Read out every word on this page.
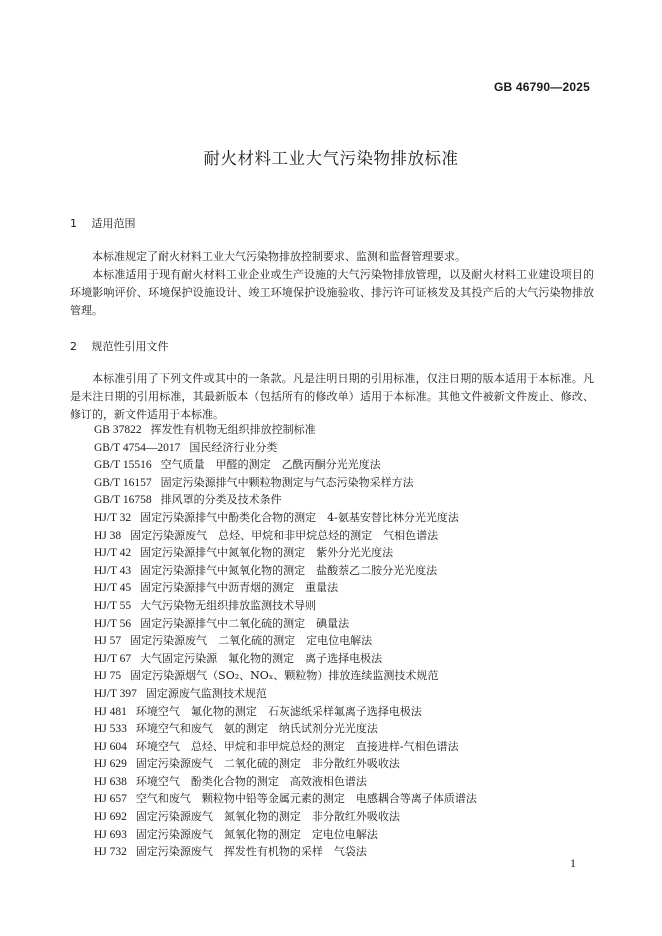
GB 46790—2025
耐火材料工业大气污染物排放标准
1 适用范围

本标准规定了耐火材料工业大气污染物排放控制要求、监测和监督管理要求。

本标准适用于现有耐火材料工业企业或生产设施的大气污染物排放管理，以及耐火材料工业建设项目的环境影响评价、环境保护设施设计、竣工环境保护设施验收、排污许可证核发及其投产后的大气污染物排放管理。

2 规范性引用文件

本标准引用了下列文件或其中的一条款。凡是注明日期的引用标准，仅注日期的版本适用于本标准。凡是未注日期的引用标准，其最新版本（包括所有的修改单）适用于本标准。其他文件被新文件废止、修改、修订的，新文件适用于本标准。

GB 37822 挥发性有机物无组织排放控制标准
GB/T 4754—2017 国民经济行业分类
GB/T 15516 空气质量　甲醛的测定　乙酰丙酮分光光度法
GB/T 16157 固定污染源排气中颗粒物测定与气态污染物采样方法
GB/T 16758 排风罩的分类及技术条件
HJ/T 32 固定污染源排气中酚类化合物的测定　4-氨基安替比林分光光度法
HJ 38 固定污染源废气　总烃、甲烷和非甲烷总烃的测定　气相色谱法
HJ/T 42 固定污染源排气中氮氧化物的测定　紫外分光光度法
HJ/T 43 固定污染源排气中氮氧化物的测定　盐酸萘乙二胺分光光度法
HJ/T 45 固定污染源排气中沥青烟的测定　重量法
HJ/T 55 大气污染物无组织排放监测技术导则
HJ/T 56 固定污染源排气中二氧化硫的测定　碘量法
HJ 57 固定污染源废气　二氧化硫的测定　定电位电解法
HJ/T 67 大气固定污染源　氟化物的测定　离子选择电极法
HJ 75 固定污染源烟气（SO₂、NOₓ、颗粒物）排放连续监测技术规范
HJ/T 397 固定源废气监测技术规范
HJ 481 环境空气　氟化物的测定　石灰滤纸采样氟离子选择电极法
HJ 533 环境空气和废气　氨的测定　纳氏试剂分光光度法
HJ 604 环境空气　总烃、甲烷和非甲烷总烃的测定　直接进样-气相色谱法
HJ 629 固定污染源废气　二氧化硫的测定　非分散红外吸收法
HJ 638 环境空气　酚类化合物的测定　高效液相色谱法
HJ 657 空气和废气　颗粒物中铅等金属元素的测定　电感耦合等离子体质谱法
HJ 692 固定污染源废气　氮氧化物的测定　非分散红外吸收法
HJ 693 固定污染源废气　氮氧化物的测定　定电位电解法
HJ 732 固定污染源废气　挥发性有机物的采样　气袋法
1
